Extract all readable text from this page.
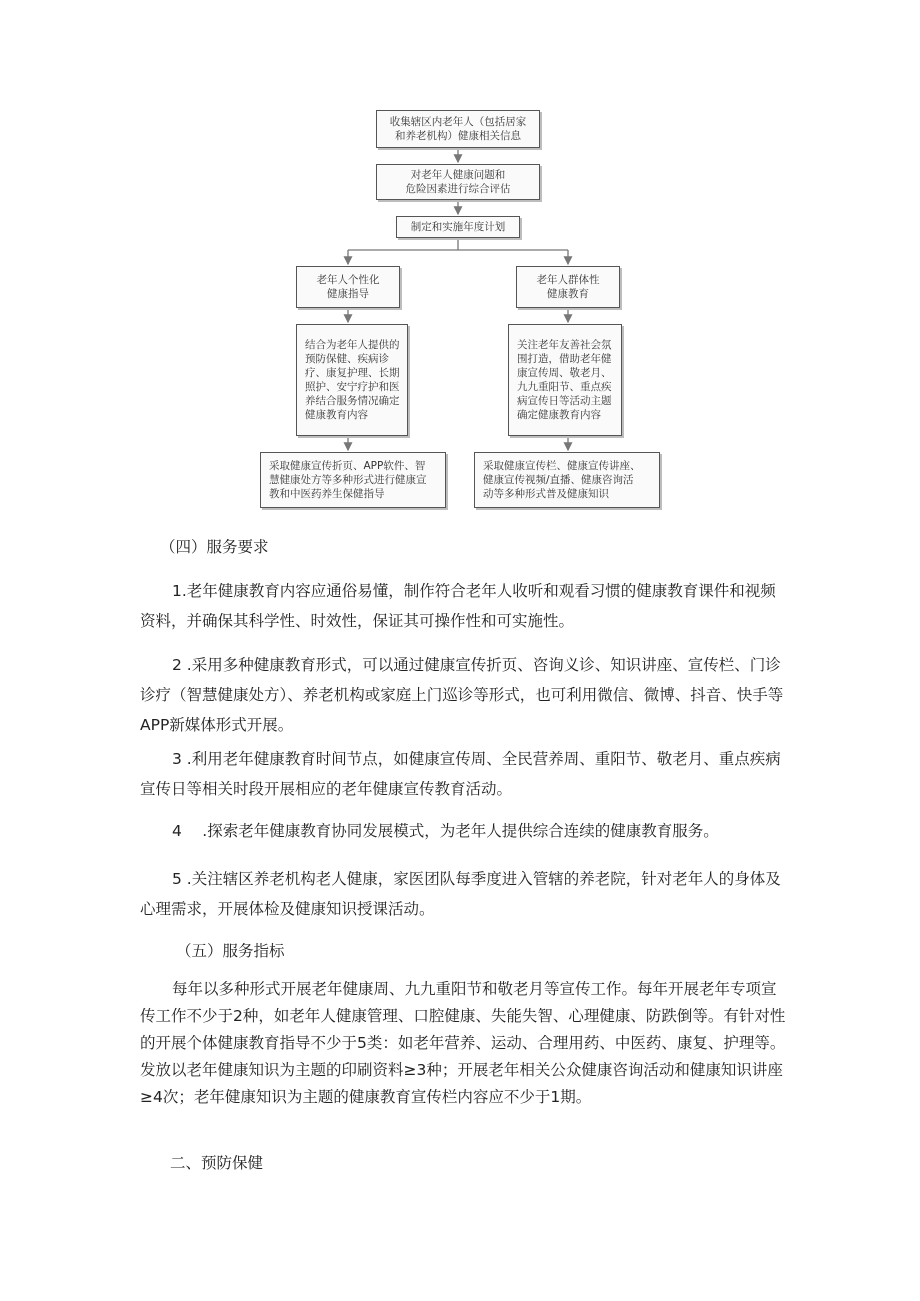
收集辖区内老年人（包括居家
和养老机构）健康相关信息
对老年人健康问题和
危险因素进行综合评估
制定和实施年度计划
老年人个性化
健康指导
老年人群体性
健康教育
结合为老年人提供的
预防保健、疾病诊
疗、康复护理、长期
照护、安宁疗护和医
养结合服务情况确定
健康教育内容
关注老年友善社会氛
围打造，借助老年健
康宣传周、敬老月、
九九重阳节、重点疾
病宣传日等活动主题
确定健康教育内容
采取健康宣传折页、APP软件、智
慧健康处方等多种形式进行健康宣
教和中医药养生保健指导
采取健康宣传栏、健康宣传讲座、
健康宣传视频/直播、健康咨询活
动等多种形式普及健康知识
（四）服务要求

1.老年健康教育内容应通俗易懂，制作符合老年人收听和观看习惯的健康教育课件和视频资料，并确保其科学性、时效性，保证其可操作性和可实施性。

2 .采用多种健康教育形式，可以通过健康宣传折页、咨询义诊、知识讲座、宣传栏、门诊诊疗（智慧健康处方）、养老机构或家庭上门巡诊等形式，也可利用微信、微博、抖音、快手等APP新媒体形式开展。

3 .利用老年健康教育时间节点，如健康宣传周、全民营养周、重阳节、敬老月、重点疾病宣传日等相关时段开展相应的老年健康宣传教育活动。

4　 .探索老年健康教育协同发展模式，为老年人提供综合连续的健康教育服务。

5 .关注辖区养老机构老人健康，家医团队每季度进入管辖的养老院，针对老年人的身体及心理需求，开展体检及健康知识授课活动。

（五）服务指标

每年以多种形式开展老年健康周、九九重阳节和敬老月等宣传工作。每年开展老年专项宣传工作不少于2种，如老年人健康管理、口腔健康、失能失智、心理健康、防跌倒等。有针对性的开展个体健康教育指导不少于5类：如老年营养、运动、合理用药、中医药、康复、护理等。发放以老年健康知识为主题的印刷资料≥3种；开展老年相关公众健康咨询活动和健康知识讲座≥4次；老年健康知识为主题的健康教育宣传栏内容应不少于1期。

二、预防保健
